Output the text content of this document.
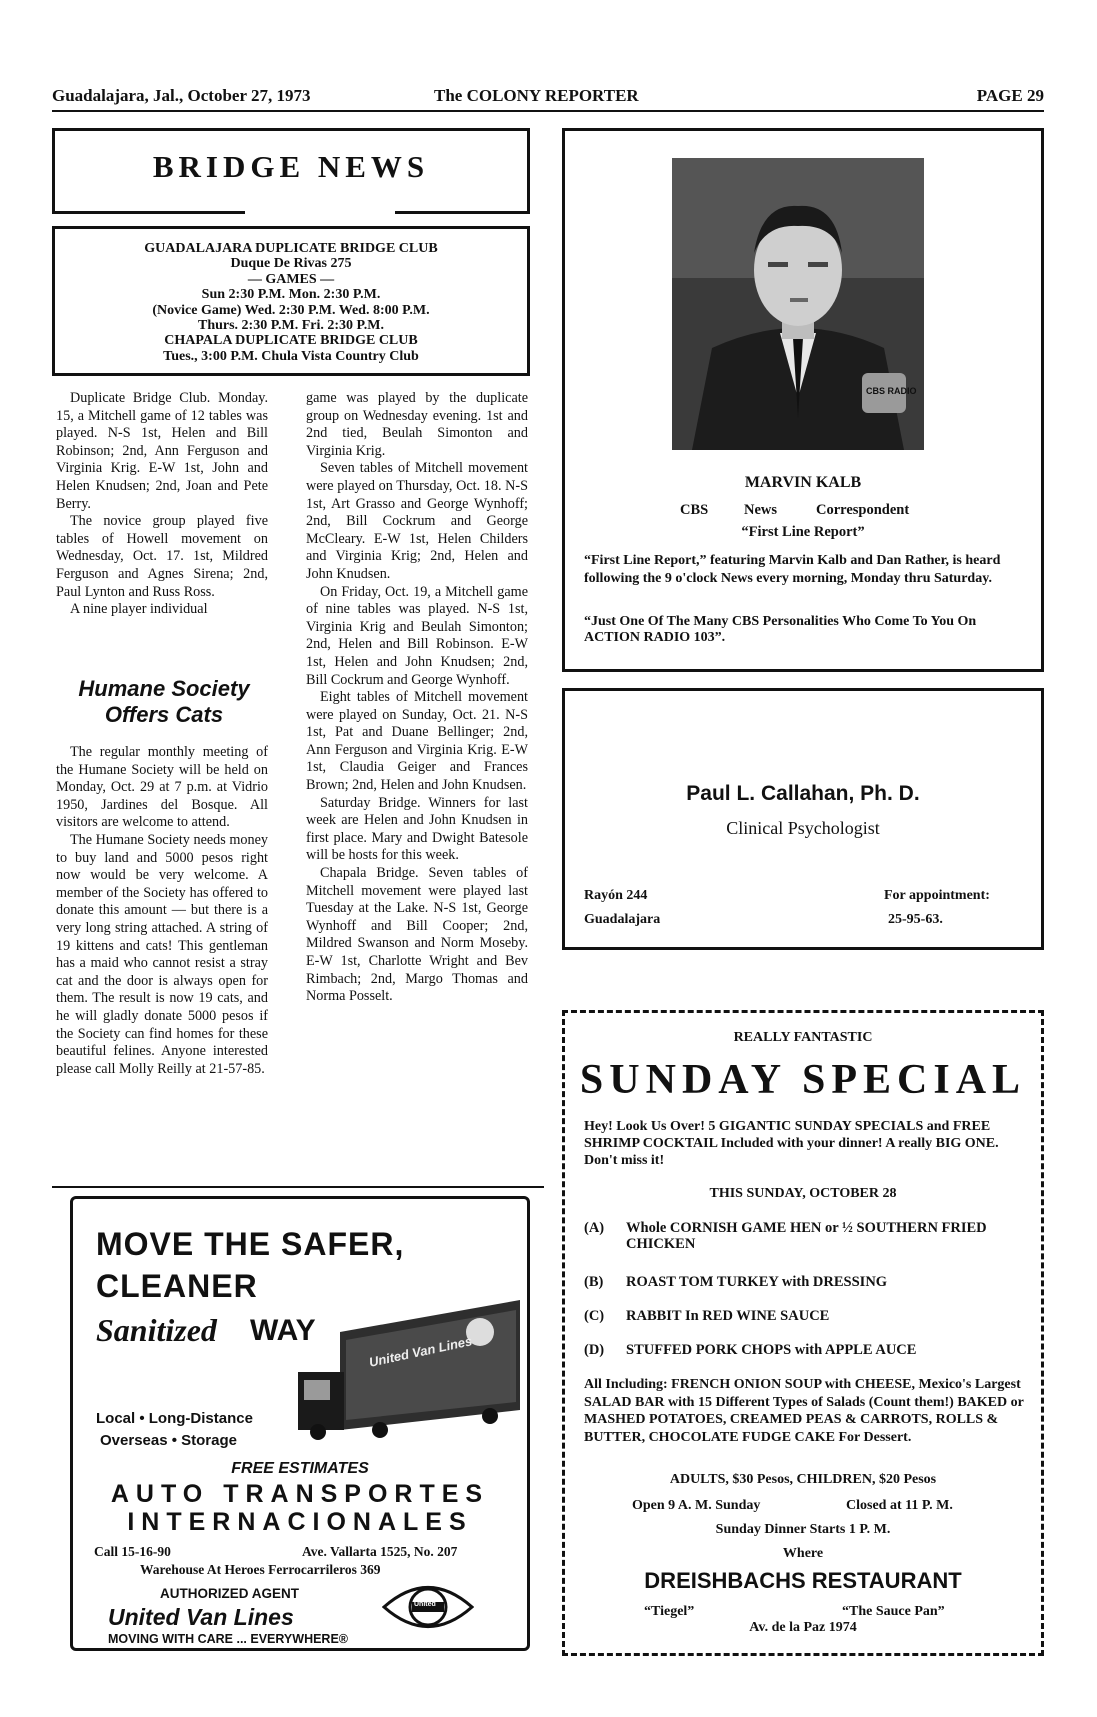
Guadalajara, Jal., October 27, 1973	The COLONY REPORTER	PAGE 29
BRIDGE NEWS
GUADALAJARA DUPLICATE BRIDGE CLUB
Duque De Rivas 275
— GAMES —
Sun 2:30 P.M. Mon. 2:30 P.M.
(Novice Game) Wed. 2:30 P.M. Wed. 8:00 P.M.
Thurs. 2:30 P.M. Fri. 2:30 P.M.
CHAPALA DUPLICATE BRIDGE CLUB
Tues., 3:00 P.M. Chula Vista Country Club

Duplicate Bridge Club. Monday. 15, a Mitchell game of 12 tables was played. N-S 1st, Helen and Bill Robinson; 2nd, Ann Ferguson and Virginia Krig. E-W 1st, John and Helen Knudsen; 2nd, Joan and Pete Berry.

The novice group played five tables of Howell movement on Wednesday, Oct. 17. 1st, Mildred Ferguson and Agnes Sirena; 2nd, Paul Lynton and Russ Ross.

A nine player individual

Humane Society
Offers Cats

The regular monthly meeting of the Humane Society will be held on Monday, Oct. 29 at 7 p.m. at Vidrio 1950, Jardines del Bosque. All visitors are welcome to attend.

The Humane Society needs money to buy land and 5000 pesos right now would be very welcome. A member of the Society has offered to donate this amount — but there is a very long string attached. A string of 19 kittens and cats! This gentleman has a maid who cannot resist a stray cat and the door is always open for them. The result is now 19 cats, and he will gladly donate 5000 pesos if the Society can find homes for these beautiful felines. Anyone interested please call Molly Reilly at 21-57-85.

game was played by the duplicate group on Wednesday evening. 1st and 2nd tied, Beulah Simonton and Virginia Krig.

Seven tables of Mitchell movement were played on Thursday, Oct. 18. N-S 1st, Art Grasso and George Wynhoff; 2nd, Bill Cockrum and George McCleary. E-W 1st, Helen Childers and Virginia Krig; 2nd, Helen and John Knudsen.

On Friday, Oct. 19, a Mitchell game of nine tables was played. N-S 1st, Virginia Krig and Beulah Simonton; 2nd, Helen and Bill Robinson. E-W 1st, Helen and John Knudsen; 2nd, Bill Cockrum and George Wynhoff.

Eight tables of Mitchell movement were played on Sunday, Oct. 21. N-S 1st, Pat and Duane Bellinger; 2nd, Ann Ferguson and Virginia Krig. E-W 1st, Claudia Geiger and Frances Brown; 2nd, Helen and John Knudsen.

Saturday Bridge. Winners for last week are Helen and John Knudsen in first place. Mary and Dwight Batesole will be hosts for this week.

Chapala Bridge. Seven tables of Mitchell movement were played last Tuesday at the Lake. N-S 1st, George Wynhoff and Bill Cooper; 2nd, Mildred Swanson and Norm Moseby. E-W 1st, Charlotte Wright and Bev Rimbach; 2nd, Margo Thomas and Norma Posselt.

CBS RADIO
MARVIN KALB
CBS News	Correspondent
“First Line Report”
“First Line Report,” featuring Marvin Kalb and Dan Rather, is heard following the 9 o'clock News every morning, Monday thru Saturday.
“Just One Of The Many CBS Personalities Who Come To You On ACTION RADIO 103”.
Paul L. Callahan, Ph. D.
Clinical Psychologist
Rayón 244
Guadalajara
For appointment:
25-95-63.
MOVE THE SAFER,
CLEANER
Sanitized WAY
United Van Lines
Local • Long-Distance
Overseas • Storage
FREE ESTIMATES
AUTO TRANSPORTES
INTERNACIONALES
Call 15-16-90	Ave. Vallarta 1525, No. 207
Warehouse At Heroes Ferrocarrileros 369
AUTHORIZED AGENT
United Van Lines
MOVING WITH CARE ... EVERYWHERE®
United
REALLY FANTASTIC
SUNDAY SPECIAL
Hey! Look Us Over! 5 GIGANTIC SUNDAY SPECIALS and FREE SHRIMP COCKTAIL Included with your dinner! A really BIG ONE. Don't miss it!
THIS SUNDAY, OCTOBER 28
(A) Whole CORNISH GAME HEN or ½ SOUTHERN FRIED CHICKEN
(B) ROAST TOM TURKEY with DRESSING
(C) RABBIT In RED WINE SAUCE
(D) STUFFED PORK CHOPS with APPLE AUCE
All Including: FRENCH ONION SOUP with CHEESE, Mexico's Largest SALAD BAR with 15 Different Types of Salads (Count them!) BAKED or MASHED POTATOES, CREAMED PEAS & CARROTS, ROLLS & BUTTER, CHOCOLATE FUDGE CAKE For Dessert.
ADULTS, $30 Pesos, CHILDREN, $20 Pesos
Open 9 A. M. Sunday	Closed at 11 P. M.
Sunday Dinner Starts 1 P. M.
Where
DREISHBACHS RESTAURANT
“Tiegel”	“The Sauce Pan”
Av. de la Paz 1974
